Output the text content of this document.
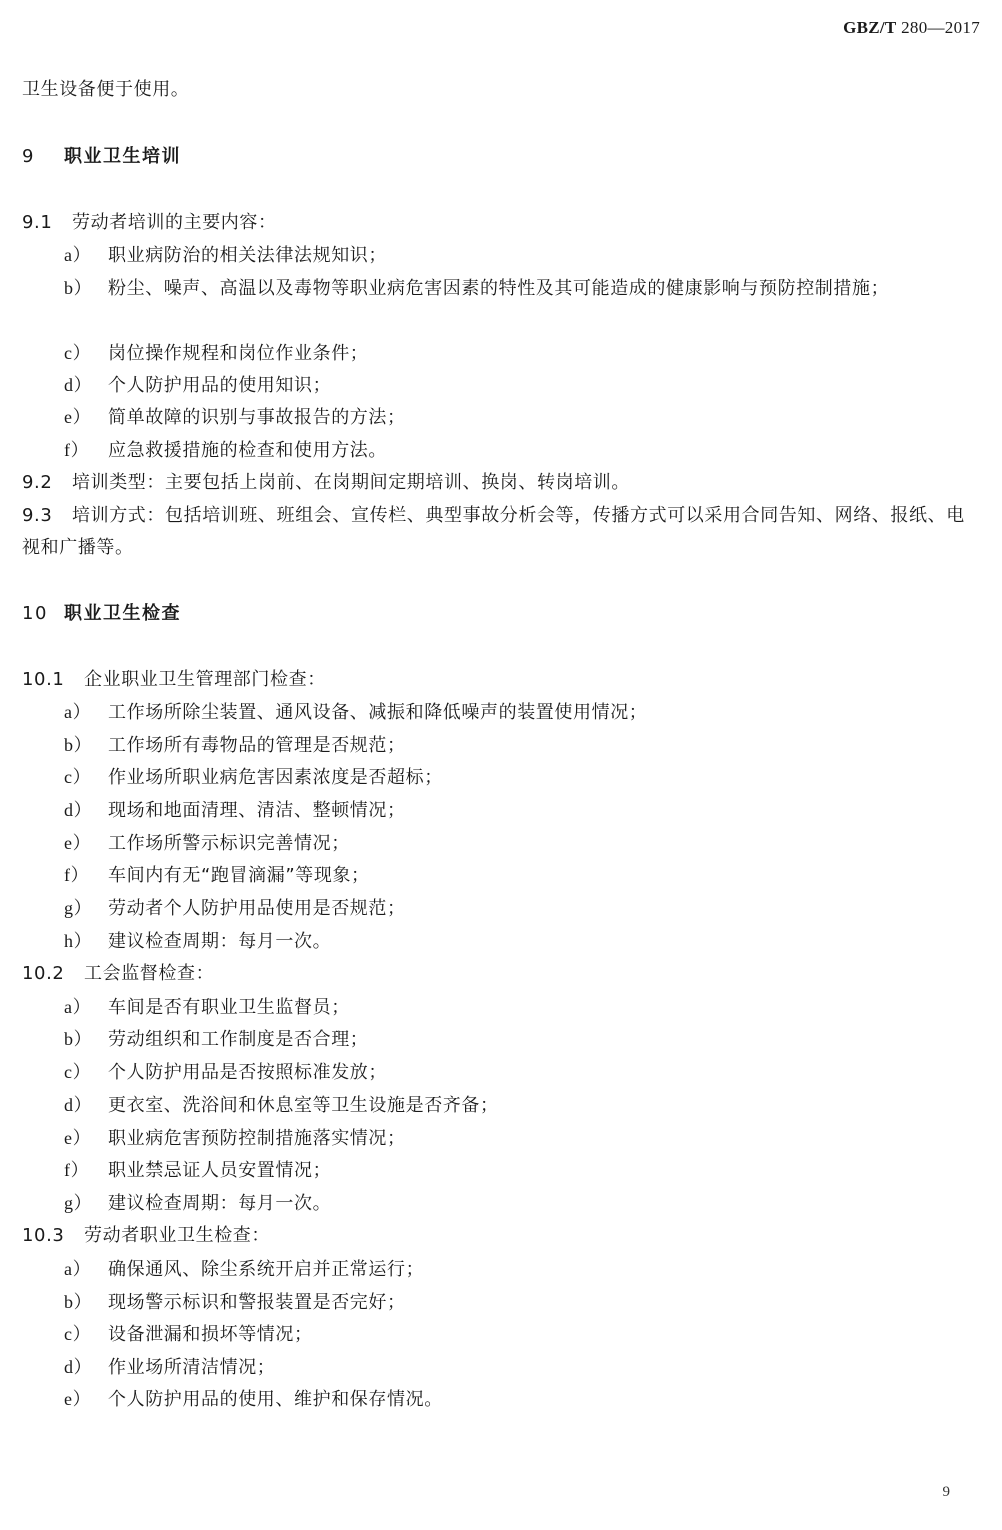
GBZ/T 280—2017
卫生设备便于使用。
9 职业卫生培训
9.1 劳动者培训的主要内容：
a） 职业病防治的相关法律法规知识；
b） 粉尘、噪声、高温以及毒物等职业病危害因素的特性及其可能造成的健康影响与预防控制措施；
c） 岗位操作规程和岗位作业条件；
d） 个人防护用品的使用知识；
e） 简单故障的识别与事故报告的方法；
f） 应急救援措施的检查和使用方法。
9.2 培训类型：主要包括上岗前、在岗期间定期培训、换岗、转岗培训。
9.3 培训方式：包括培训班、班组会、宣传栏、典型事故分析会等，传播方式可以采用合同告知、网络、报纸、电视和广播等。
10 职业卫生检查
10.1 企业职业卫生管理部门检查：
a） 工作场所除尘装置、通风设备、减振和降低噪声的装置使用情况；
b） 工作场所有毒物品的管理是否规范；
c） 作业场所职业病危害因素浓度是否超标；
d） 现场和地面清理、清洁、整顿情况；
e） 工作场所警示标识完善情况；
f） 车间内有无“跑冒滴漏”等现象；
g） 劳动者个人防护用品使用是否规范；
h） 建议检查周期：每月一次。
10.2 工会监督检查：
a） 车间是否有职业卫生监督员；
b） 劳动组织和工作制度是否合理；
c） 个人防护用品是否按照标准发放；
d） 更衣室、洗浴间和休息室等卫生设施是否齐备；
e） 职业病危害预防控制措施落实情况；
f） 职业禁忌证人员安置情况；
g） 建议检查周期：每月一次。
10.3 劳动者职业卫生检查：
a） 确保通风、除尘系统开启并正常运行；
b） 现场警示标识和警报装置是否完好；
c） 设备泄漏和损坏等情况；
d） 作业场所清洁情况；
e） 个人防护用品的使用、维护和保存情况。
9
